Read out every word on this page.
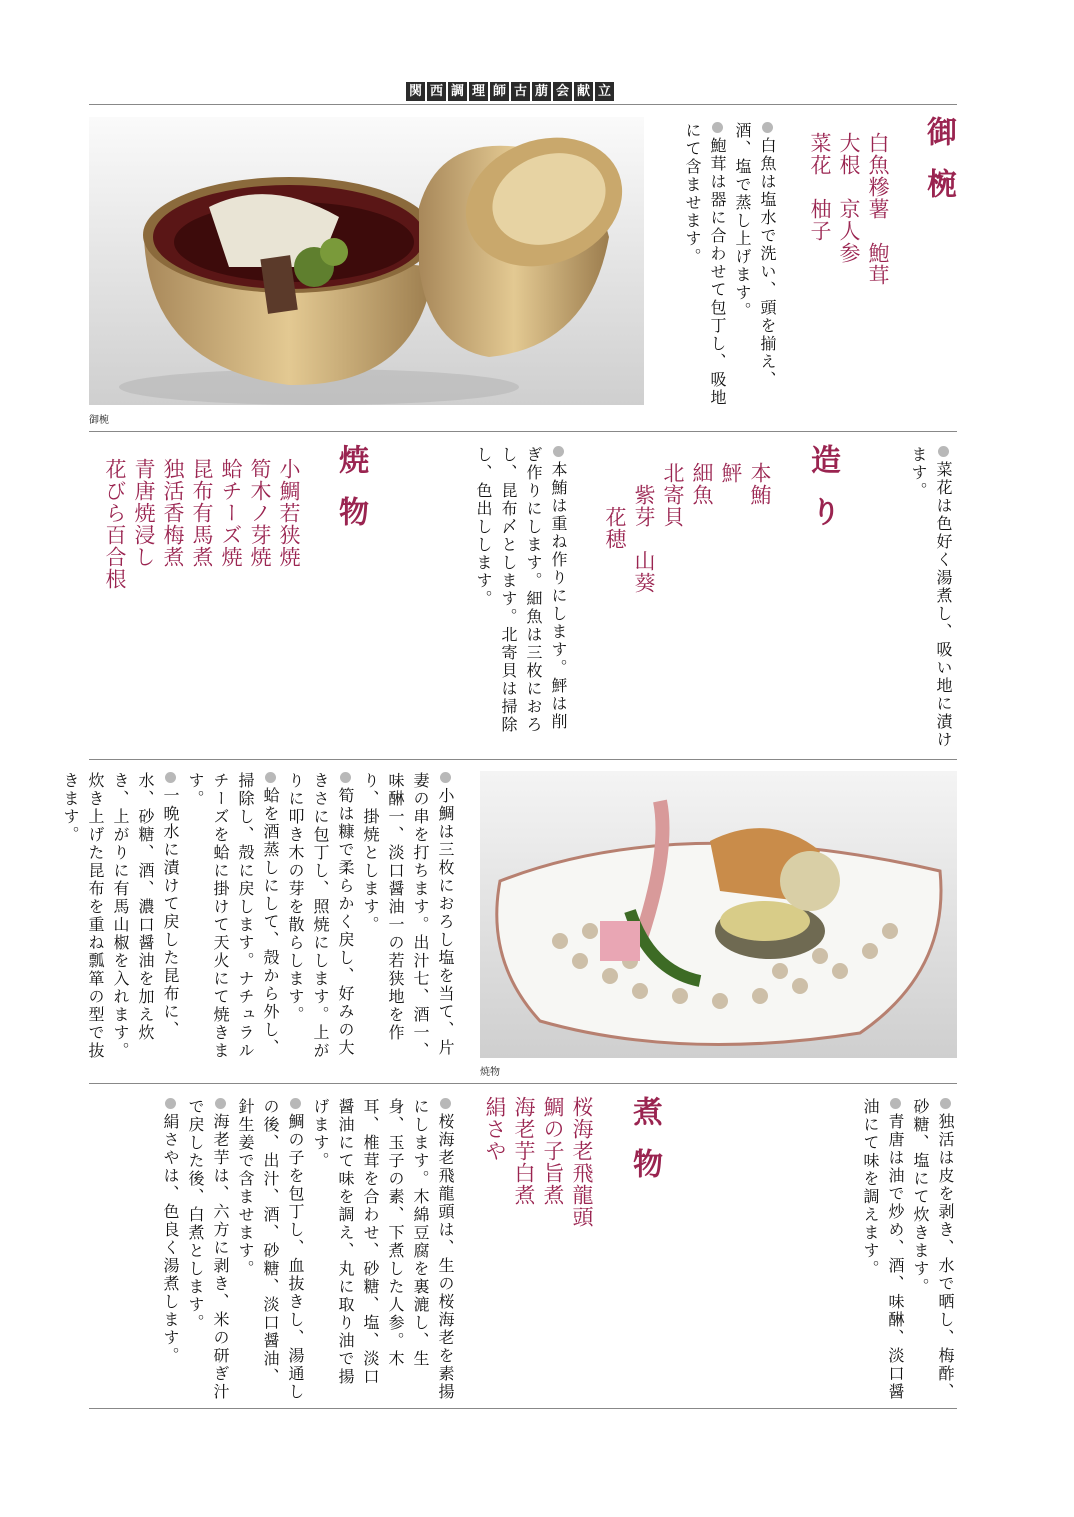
関 西 調 理 師 古 萠 会 献 立
御椀
御椀
白魚糝薯　鮑茸
大根　京人参
菜花　柚子

白魚は塩水で洗い、頭を揃え、酒、塩で蒸し上げます。

鮑茸は器に合わせて包丁し、吸地にて含ませます。

菜花は色好く湯煮し、吸い地に漬けます。

造り
本鮪
鮃
細魚
北寄貝
　紫芽　山葵
　　花穂

本鮪は重ね作りにします。鮃は削ぎ作りにします。細魚は三枚におろし、昆布〆とします。北寄貝は掃除し、色出しします。

焼物
小鯛若狭焼
筍木ノ芽焼
蛤チーズ焼
昆布有馬煮
独活香梅煮
青唐焼浸し
花びら百合根
焼物

小鯛は三枚におろし塩を当て、片妻の串を打ちます。出汁七、酒一、味醂一、淡口醤油一の若狭地を作り、掛焼とします。

筍は糠で柔らかく戻し、好みの大きさに包丁し、照焼にします。上がりに叩き木の芽を散らします。

蛤を酒蒸しにして、殻から外し、掃除し、殻に戻します。ナチュラルチーズを蛤に掛けて天火にて焼きます。

一晩水に漬けて戻した昆布に、水、砂糖、酒、濃口醤油を加え炊き、上がりに有馬山椒を入れます。炊き上げた昆布を重ね瓢箪の型で抜きます。

独活は皮を剥き、水で晒し、梅酢、砂糖、塩にて炊きます。

青唐は油で炒め、酒、味醂、淡口醤油にて味を調えます。

煮物
桜海老飛龍頭
鯛の子旨煮
海老芋白煮
絹さや

桜海老飛龍頭は、生の桜海老を素揚にします。木綿豆腐を裏漉し、生身、玉子の素、下煮した人参。木耳、椎茸を合わせ、砂糖、塩、淡口醤油にて味を調え、丸に取り油で揚げます。

鯛の子を包丁し、血抜きし、湯通しの後、出汁、酒、砂糖、淡口醤油、針生姜で含ませます。

海老芋は、六方に剥き、米の研ぎ汁で戻した後、白煮とします。

絹さやは、色良く湯煮します。
